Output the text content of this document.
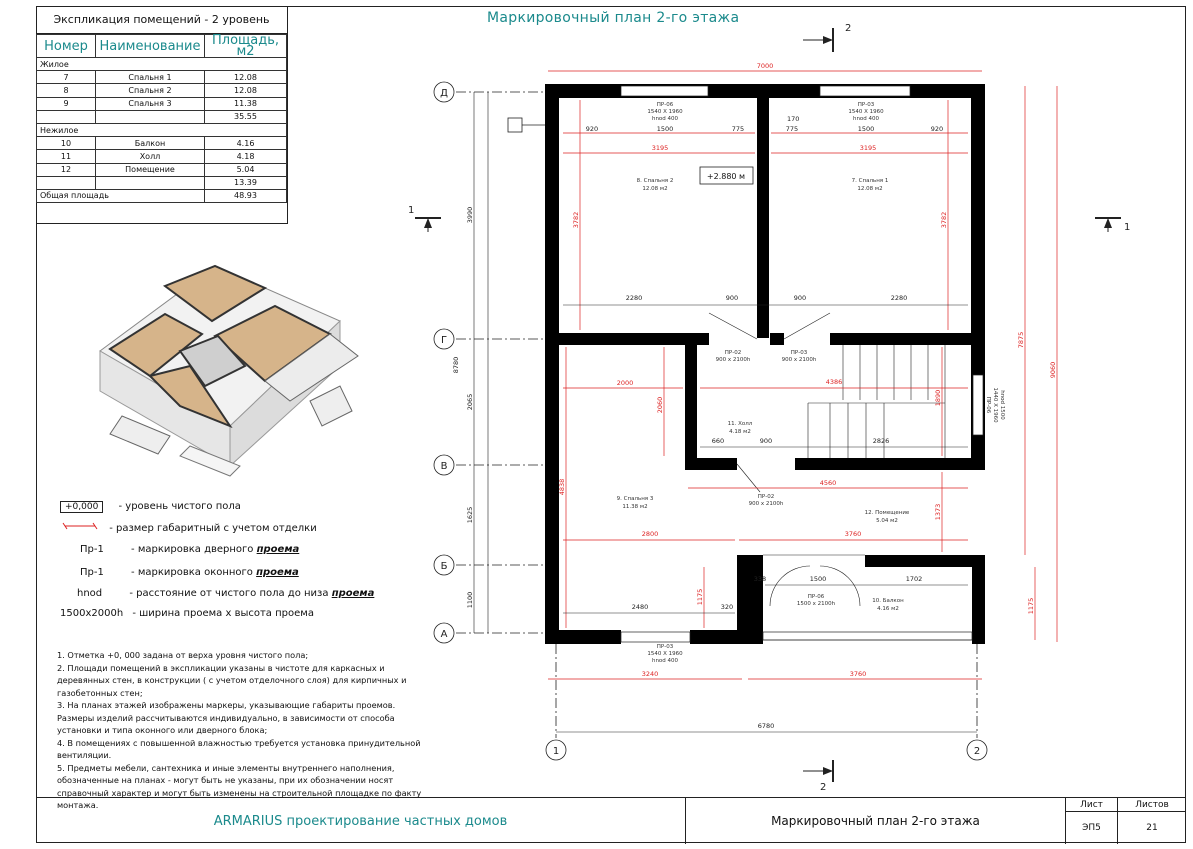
Экспликация помещений - 2 уровень
Номер	Наименование	Площадь, м2
Жилое		
7	Спальня 1	12.08
8	Спальня 2	12.08
9	Спальня 3	11.38
		35.55
Нежилое		
10	Балкон	4.16
11	Холл	4.18
12	Помещение	5.04
		13.39
Общая площадь		48.93
Маркировочный план 2-го этажа
+0,000 - уровень чистого пола
- размер габаритный с учетом отделки
Пр-1	- маркировка дверного проема
Пр-1	- маркировка оконного проема
hnod	- расстояние от чистого пола до низа проема
1500х2000h - ширина проема х высота проема

1. Отметка +0, 000 задана от верха уровня чистого пола;

2. Площади помещений в экспликации указаны в чистоте для каркасных и деревянных стен, в конструкции ( с учетом отделочного слоя) для кирпичных и газобетонных стен;

3. На планах этажей изображены маркеры, указывающие габариты проемов. Размеры изделий рассчитываются индивидуально, в зависимости от способа установки и типа оконного или дверного блока;

4. В помещениях с повышенной влажностью требуется установка принудительной вентиляции.

5. Предметы мебели, сантехника и иные элементы внутреннего наполнения, обозначенные на планах - могут быть не указаны, при их обозначении носят справочный характер и могут быть изменены на строительной площадке по факту монтажа.

Д
Г
В
Б
А
1	2
2
2
1
1
+2.880 м
7000
920	1500	775
170
775	1500	920
3195	3195
3782	3782
2280	900	900	2280
2000	4386
2060	1890
660	900	2826
4560
4838
1373
2800	3760
338	1500	1702
1175
2480	320	1175
3240	3760
6780
3990
8780
2065
1625
1100
7875
9060
8. Спальня 2
12.08 м2
7. Спальня 1
12.08 м2
11. Холл
4.18 м2
9. Спальня 3
11.38 м2
12. Помещение
5.04 м2
10. Балкон
4.16 м2
ПР-06
1540 Х 1960
hnod 400
ПР-03
1540 Х 1960
hnod 400
ПР-02
900 х 2100h
ПР-03
900 х 2100h
ПР-02
900 х 2100h
ПР-06
1500 х 2100h
ПР-03
1540 Х 1960
hnod 400
ПР-06 1440 Х 1960 hnod 1500
ARMARIUS проектирование частных домов	Маркировочный план 2-го этажа
Лист	Листов
ЭП5	21
